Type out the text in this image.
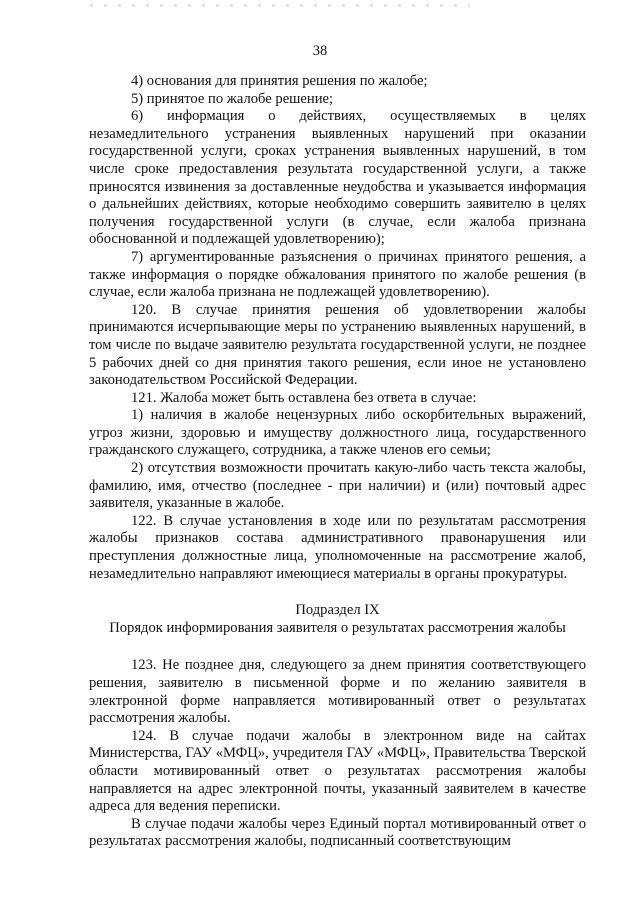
38

4) основания для принятия решения по жалобе;

5) принятое по жалобе решение;

6) информация о действиях, осуществляемых в целях незамедлительного устранения выявленных нарушений при оказании государственной услуги, сроках устранения выявленных нарушений, в том числе сроке предоставления результата государственной услуги, а также приносятся извинения за доставленные неудобства и указывается информация о дальнейших действиях, которые необходимо совершить заявителю в целях получения государственной услуги (в случае, если жалоба признана обоснованной и подлежащей удовлетворению);

7) аргументированные разъяснения о причинах принятого решения, а также информация о порядке обжалования принятого по жалобе решения (в случае, если жалоба признана не подлежащей удовлетворению).

120. В случае принятия решения об удовлетворении жалобы принимаются исчерпывающие меры по устранению выявленных нарушений, в том числе по выдаче заявителю результата государственной услуги, не позднее 5 рабочих дней со дня принятия такого решения, если иное не установлено законодательством Российской Федерации.

121. Жалоба может быть оставлена без ответа в случае:

1) наличия в жалобе нецензурных либо оскорбительных выражений, угроз жизни, здоровью и имуществу должностного лица, государственного гражданского служащего, сотрудника, а также членов его семьи;

2) отсутствия возможности прочитать какую-либо часть текста жалобы, фамилию, имя, отчество (последнее - при наличии) и (или) почтовый адрес заявителя, указанные в жалобе.

122. В случае установления в ходе или по результатам рассмотрения жалобы признаков состава административного правонарушения или преступления должностные лица, уполномоченные на рассмотрение жалоб, незамедлительно направляют имеющиеся материалы в органы прокуратуры.

Подраздел IX

Порядок информирования заявителя о результатах рассмотрения жалобы

123. Не позднее дня, следующего за днем принятия соответствующего решения, заявителю в письменной форме и по желанию заявителя в электронной форме направляется мотивированный ответ о результатах рассмотрения жалобы.

124. В случае подачи жалобы в электронном виде на сайтах Министерства, ГАУ «МФЦ», учредителя ГАУ «МФЦ», Правительства Тверской области мотивированный ответ о результатах рассмотрения жалобы направляется на адрес электронной почты, указанный заявителем в качестве адреса для ведения переписки.

В случае подачи жалобы через Единый портал мотивированный ответ о результатах рассмотрения жалобы, подписанный соответствующим
